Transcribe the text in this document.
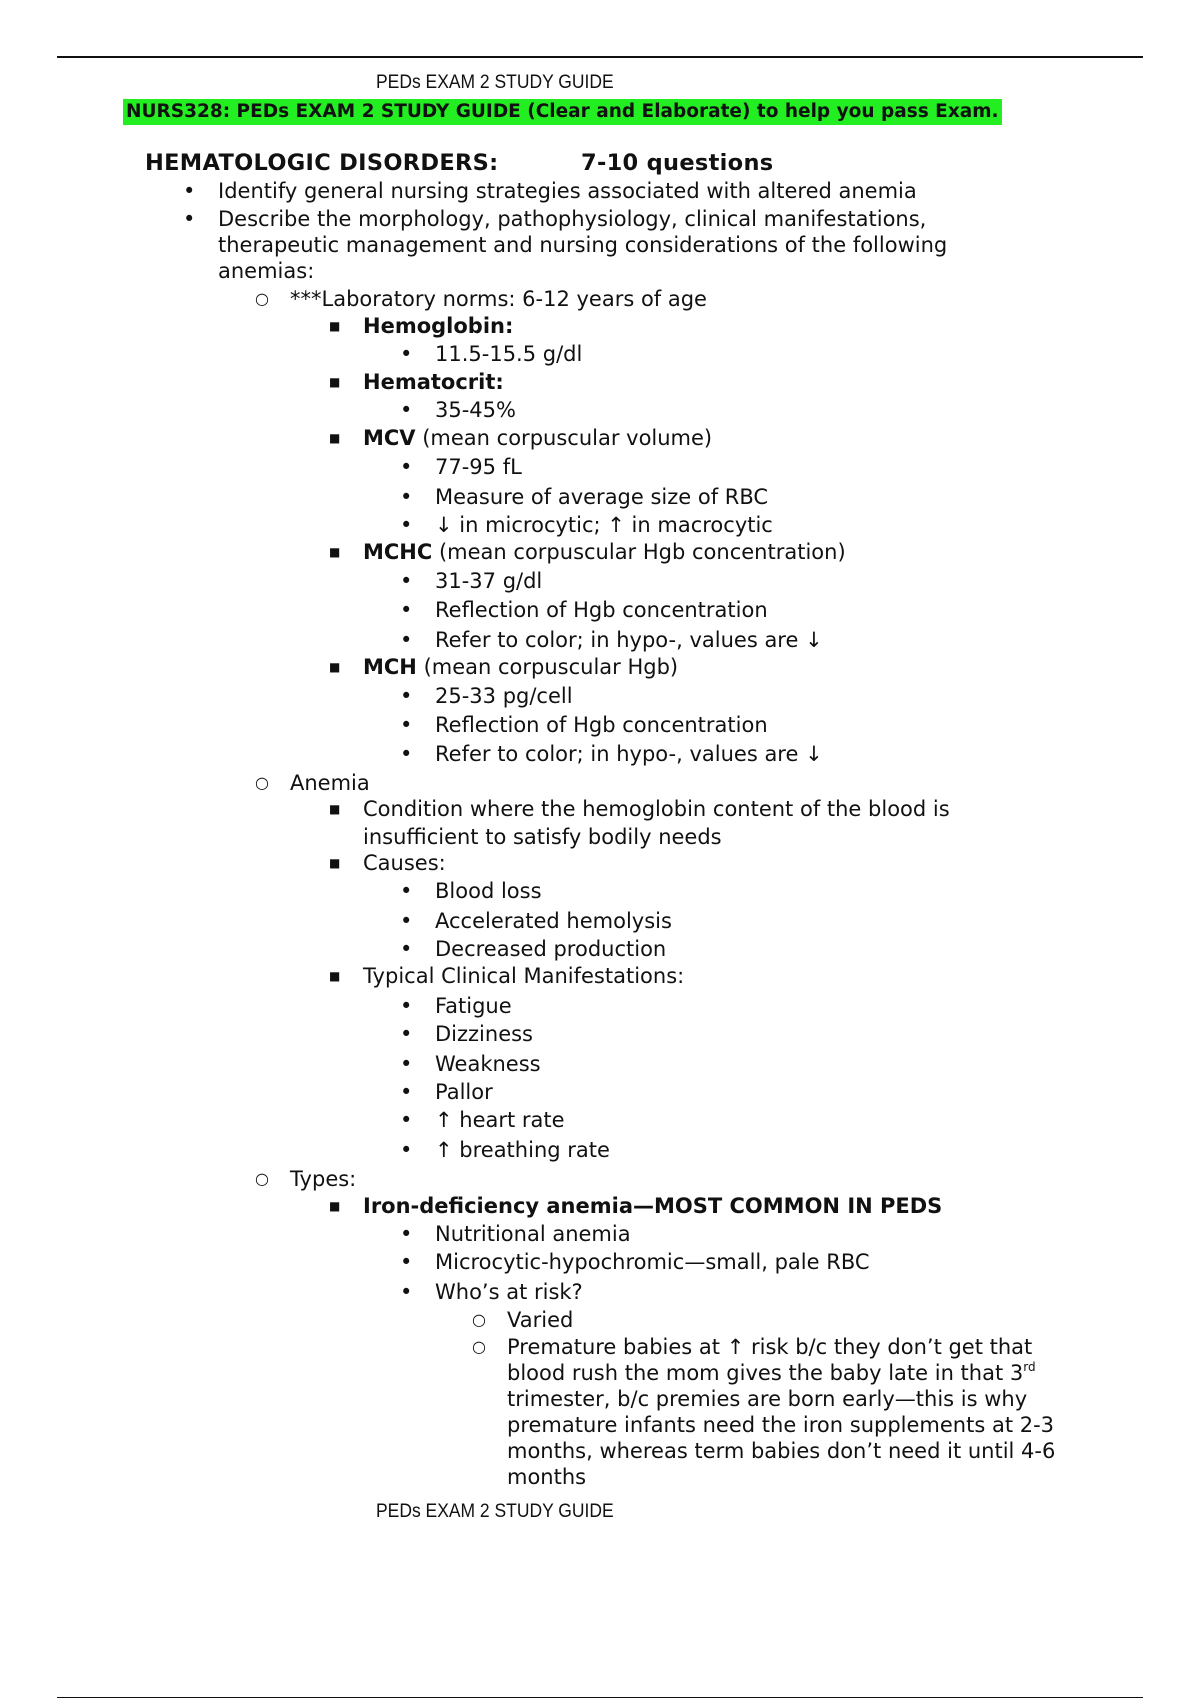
PEDs EXAM 2 STUDY GUIDE
NURS328: PEDs EXAM 2 STUDY GUIDE (Clear and Elaborate) to help you pass Exam.
HEMATOLOGIC DISORDERS:	7-10 questions
• Identify general nursing strategies associated with altered anemia
• Describe the morphology, pathophysiology, clinical manifestations,
therapeutic management and nursing considerations of the following
anemias:
○ ***Laboratory norms: 6-12 years of age
■ Hemoglobin:
• 11.5-15.5 g/dl
■ Hematocrit:
• 35-45%
■ MCV (mean corpuscular volume)
• 77-95 fL
• Measure of average size of RBC
• ↓ in microcytic; ↑ in macrocytic
■ MCHC (mean corpuscular Hgb concentration)
• 31-37 g/dl
• Reflection of Hgb concentration
• Refer to color; in hypo-, values are ↓
■ MCH (mean corpuscular Hgb)
• 25-33 pg/cell
• Reflection of Hgb concentration
• Refer to color; in hypo-, values are ↓
○ Anemia
■ Condition where the hemoglobin content of the blood is
insufficient to satisfy bodily needs
■ Causes:
• Blood loss
• Accelerated hemolysis
• Decreased production
■ Typical Clinical Manifestations:
• Fatigue
• Dizziness
• Weakness
• Pallor
• ↑ heart rate
• ↑ breathing rate
○ Types:
■ Iron-deficiency anemia—MOST COMMON IN PEDS
• Nutritional anemia
• Microcytic-hypochromic—small, pale RBC
• Who’s at risk?
○ Varied
○ Premature babies at ↑ risk b/c they don’t get that
blood rush the mom gives the baby late in that 3rd
trimester, b/c premies are born early—this is why
premature infants need the iron supplements at 2-3
months, whereas term babies don’t need it until 4-6
months
PEDs EXAM 2 STUDY GUIDE
